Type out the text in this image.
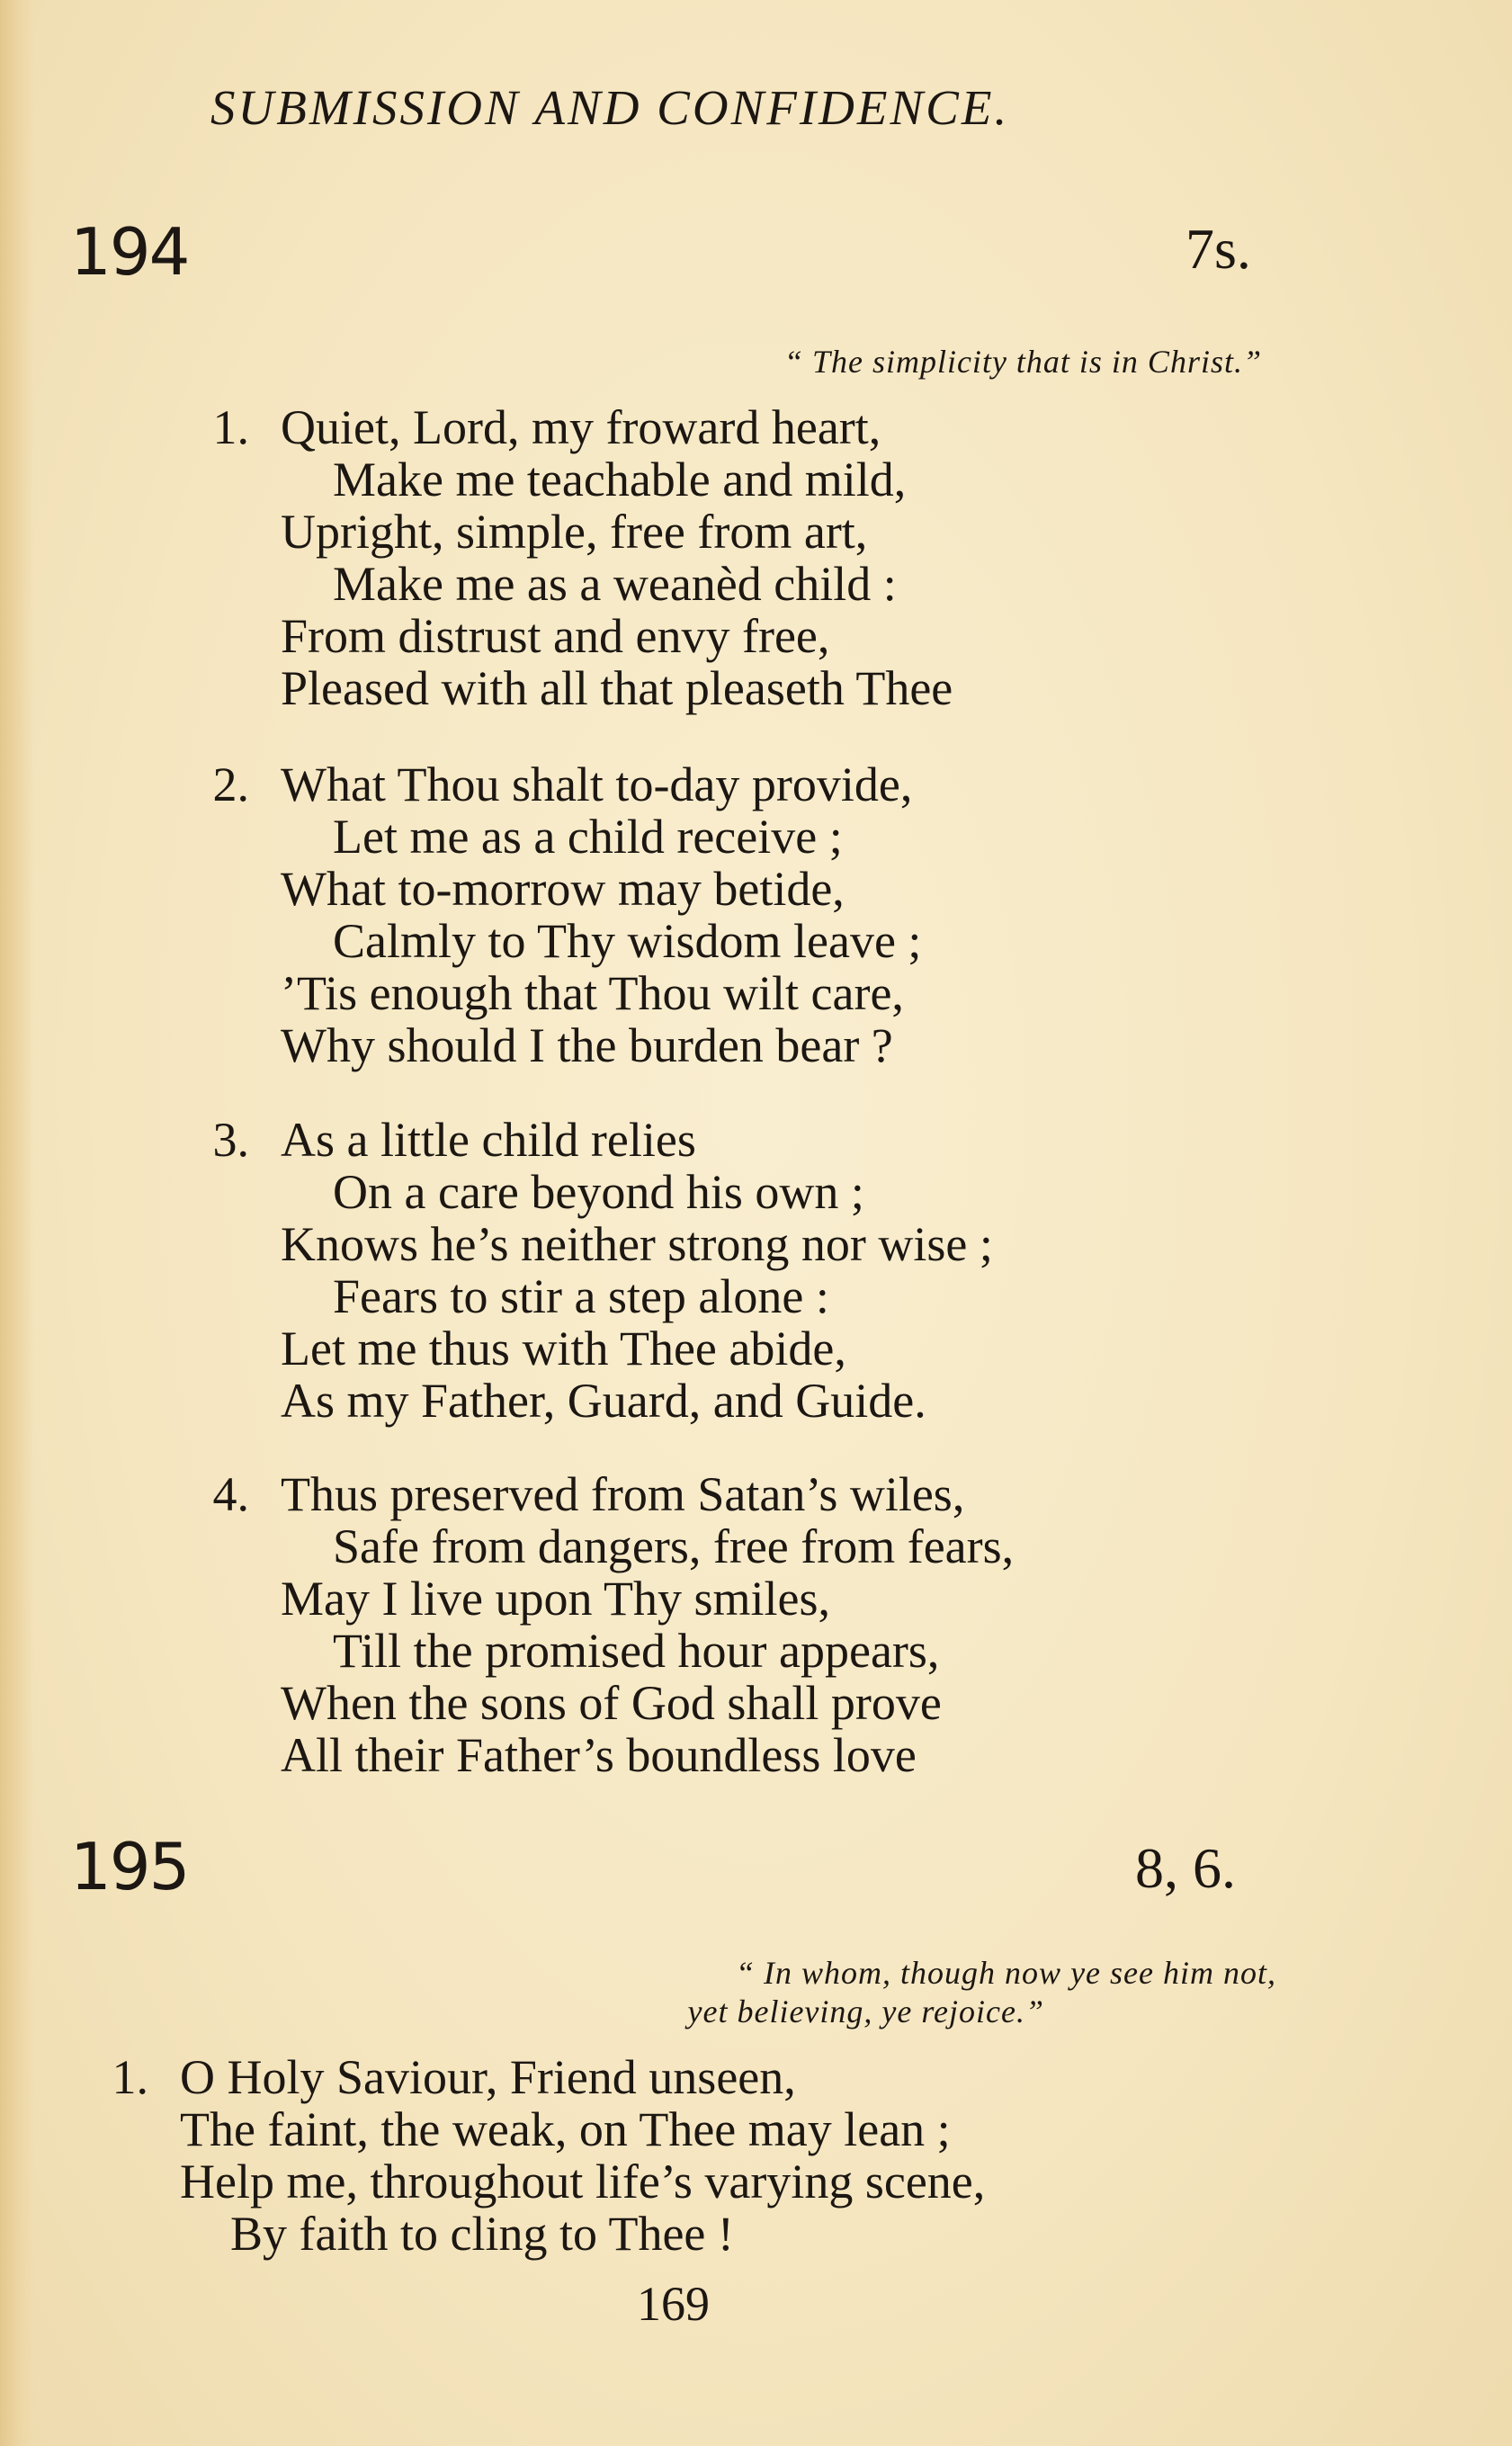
SUBMISSION AND CONFIDENCE.
194	7s.
“ The simplicity that is in Christ.”
1. Quiet, Lord, my froward heart,
Make me teachable and mild,
Upright, simple, free from art,
Make me as a weanèd child :
From distrust and envy free,
Pleased with all that pleaseth Thee
2. What Thou shalt to-day provide,
Let me as a child receive ;
What to-morrow may betide,
Calmly to Thy wisdom leave ;
’Tis enough that Thou wilt care,
Why should I the burden bear ?
3. As a little child relies
On a care beyond his own ;
Knows he’s neither strong nor wise ;
Fears to stir a step alone :
Let me thus with Thee abide,
As my Father, Guard, and Guide.
4. Thus preserved from Satan’s wiles,
Safe from dangers, free from fears,
May I live upon Thy smiles,
Till the promised hour appears,
When the sons of God shall prove
All their Father’s boundless love
195	8, 6.
“ In whom, though now ye see him not,
yet believing, ye rejoice.”
1. O Holy Saviour, Friend unseen,
The faint, the weak, on Thee may lean ;
Help me, throughout life’s varying scene,
By faith to cling to Thee !
169
